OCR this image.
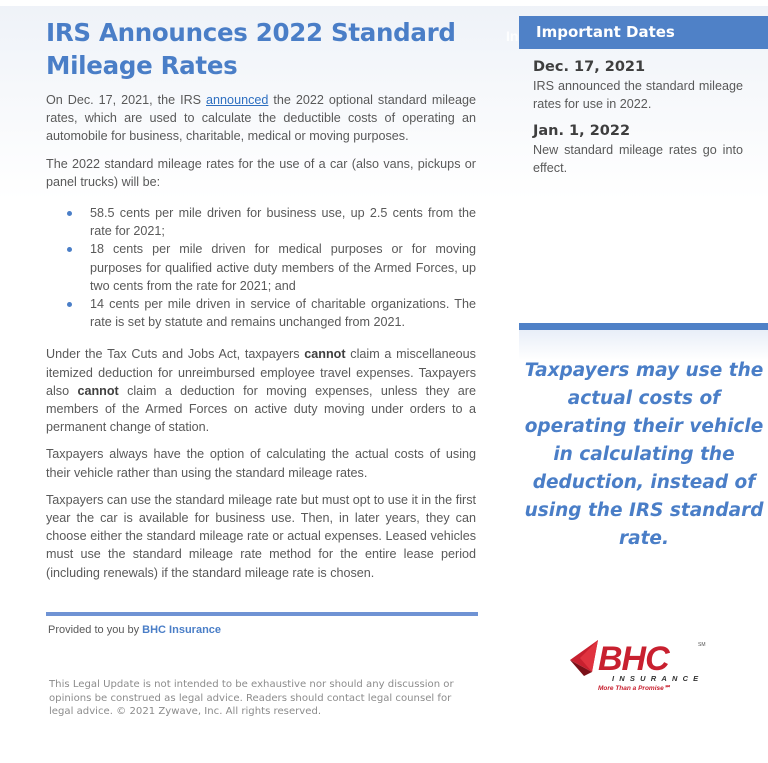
IRS Announces 2022 Standard Mileage Rates

On Dec. 17, 2021, the IRS announced the 2022 optional standard mileage rates, which are used to calculate the deductible costs of operating an automobile for business, charitable, medical or moving purposes.

The 2022 standard mileage rates for the use of a car (also vans, pickups or panel trucks) will be:

58.5 cents per mile driven for business use, up 2.5 cents from the rate for 2021;
18 cents per mile driven for medical purposes or for moving purposes for qualified active duty members of the Armed Forces, up two cents from the rate for 2021; and
14 cents per mile driven in service of charitable organizations. The rate is set by statute and remains unchanged from 2021.

Under the Tax Cuts and Jobs Act, taxpayers cannot claim a miscellaneous itemized deduction for unreimbursed employee travel expenses. Taxpayers also cannot claim a deduction for moving expenses, unless they are members of the Armed Forces on active duty moving under orders to a permanent change of station.

Taxpayers always have the option of calculating the actual costs of using their vehicle rather than using the standard mileage rates.

Taxpayers can use the standard mileage rate but must opt to use it in the first year the car is available for business use. Then, in later years, they can choose either the standard mileage rate or actual expenses. Leased vehicles must use the standard mileage rate method for the entire lease period (including renewals) if the standard mileage rate is chosen.

Provided to you by BHC Insurance
This Legal Update is not intended to be exhaustive nor should any discussion or opinions be construed as legal advice. Readers should contact legal counsel for legal advice. © 2021 Zywave, Inc. All rights reserved.
In	Important Dates
Dec. 17, 2021
IRS announced the standard mileage rates for use in 2022.
Jan. 1, 2022
New standard mileage rates go into effect.
Taxpayers may use the actual costs of operating their vehicle in calculating the deduction, instead of using the IRS standard rate.
BHC	SM
INSURANCE
More Than a Promise℠
